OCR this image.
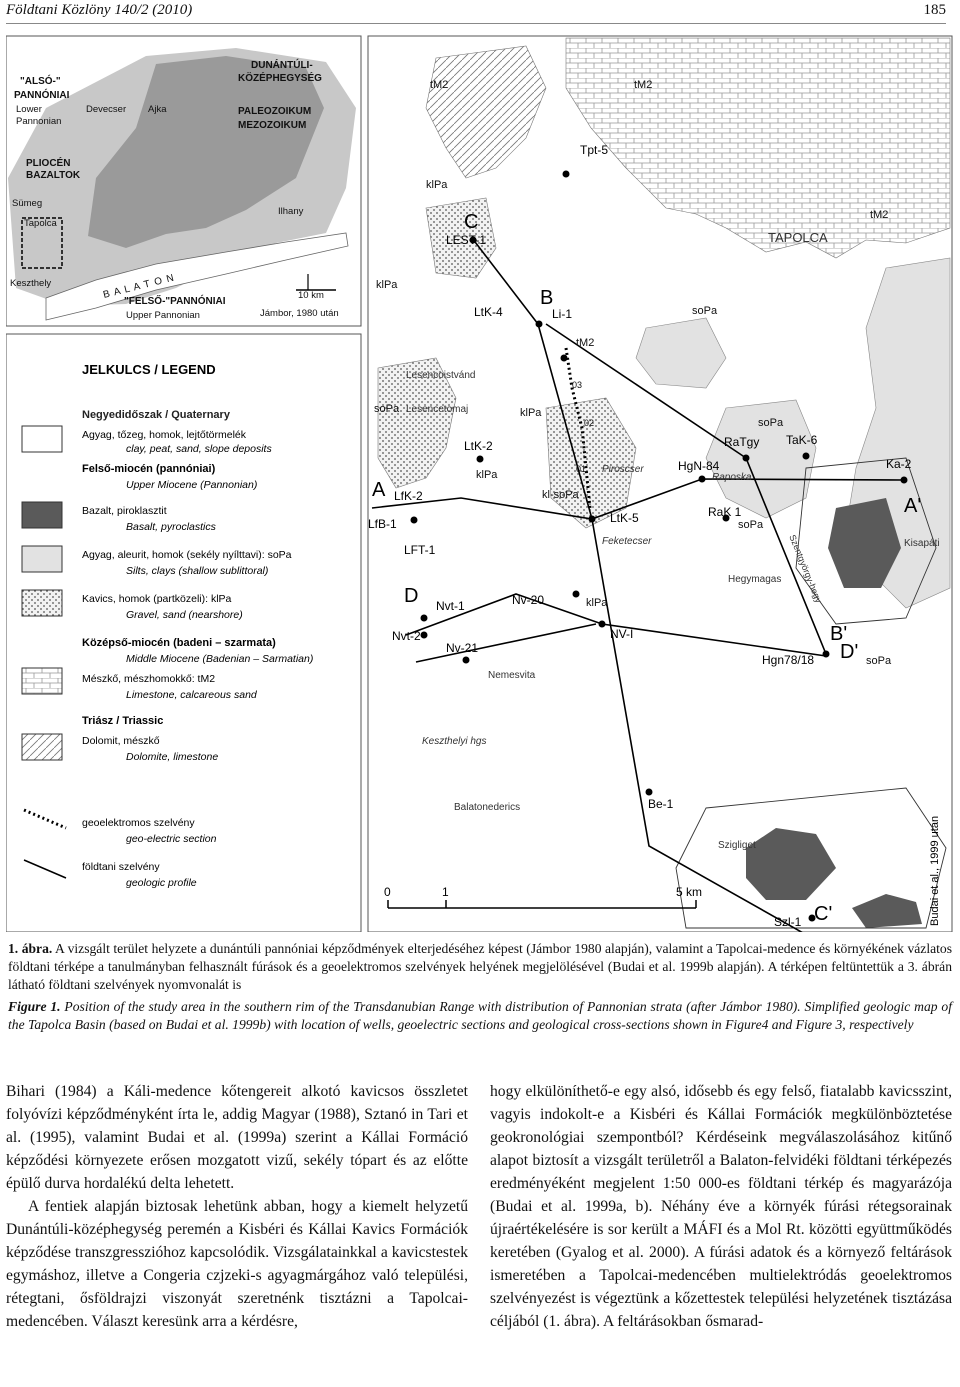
Földtani Közlöny 140/2 (2010)	185
"ALSÓ-"
PANNÓNIAI
DUNÁNTÚLI-
KÖZÉPHEGYSÉG
PALEOZOIKUM
MEZOZOIKUM
PLIOCÉN
BAZALTOK
"FELSŐ-"PANNÓNIAI
Lower
Pannonian
Devecser Ajka
Sümeg
Tapolca
Ilhany
Keszthely
Upper Pannonian
10 km
Jámbor, 1980 után
B A L A T O N
JELKULCS / LEGEND
Negyedidőszak / Quaternary
Agyag, tőzeg, homok, lejtőtörmelék
clay, peat, sand, slope deposits
Felső-miocén (pannóniai)
Upper Miocene (Pannonian)
Bazalt, piroklasztit
Basalt, pyroclastics
Agyag, aleurit, homok (sekély nyílttavi): soPa
Silts, clays (shallow sublittoral)
Kavics, homok (partközeli): klPa
Gravel, sand (nearshore)
Középső-miocén (badeni – szarmata)
Middle Miocene (Badenian – Sarmatian)
Mészkő, mészhomokkő: tM2
Limestone, calcareous sand
Triász / Triassic
Dolomit, mészkő
Dolomite, limestone
geoelektromos szelvény
geo-electric section
földtani szelvény
geologic profile
TAPOLCA
Lesencoistvánd
Lesencetomaj
Piroscser
Raposka
Kisapáti
Szentgyörgy-hegy
Hegymagas
Feketecser
Nemesvita
Keszthelyi hgs
Balatonederics
Szigliget
Tpt-5
LEST-1
LtK-4	Li-1
LtK-2
LfK-2
LfB-1
LFT-1
Nvt-1
Nvt-2
Nv-21
Nv-20
NV-I
LtK-5
HgN-84
RaTgy TaK-6
Ka-2
RaK 1
Hgn78/18
Be-1
Szl-1
A
A'
B
B'
C
C'
D
D'
tM2	tM2
tM2
tM2
klPa
klPa
klPa
klPa
klPa
soPa
soPa
soPa
soPa
soPa
kl-soPa
03
02
01
0	1	5 km	Budai et al., 1999 után

1. ábra. A vizsgált terület helyzete a dunántúli pannóniai képződmények elterjedéséhez képest (Jámbor 1980 alapján), valamint a Tapolcai-medence és környékének vázlatos földtani térképe a tanulmányban felhasznált fúrások és a geoelektromos szelvények helyének megjelölésével (Budai et al. 1999b alapján). A térképen feltüntettük a 3. ábrán látható földtani szelvények nyomvonalát is

Figure 1. Position of the study area in the southern rim of the Transdanubian Range with distribution of Pannonian strata (after Jámbor 1980). Simplified geologic map of the Tapolca Basin (based on Budai et al. 1999b) with location of wells, geoelectric sections and geological cross-sections shown in Figure4 and Figure 3, respectively

Bihari (1984) a Káli-medence kőtengereit alkotó kavicsos összletet folyóvízi képződményként írta le, addig Magyar (1988), Sztanó in Tari et al. (1995), valamint Budai et al. (1999a) szerint a Kállai Formáció képződési környezete erősen mozgatott vizű, sekély tópart és az előtte épülő durva hordalékú delta lehetett.

A fentiek alapján biztosak lehetünk abban, hogy a kiemelt helyzetű Dunántúli-középhegység peremén a Kisbéri és Kállai Kavics Formációk képződése transzgresszióhoz kapcsolódik. Vizsgálatainkkal a kavicstestek egymáshoz, illetve a Congeria czjzeki-s agyagmárgához való települési, rétegtani, ősföldrajzi viszonyát szeretnénk tisztázni a Tapolcai-medencében. Választ keresünk arra a kérdésre,

hogy elkülöníthető-e egy alsó, idősebb és egy felső, fiatalabb kavicsszint, vagyis indokolt-e a Kisbéri és Kállai Formációk megkülönböztetése geokronológiai szempontból? Kérdéseink megválaszolásához kitűnő alapot biztosít a vizsgált területről a Balaton-felvidéki földtani térképezés eredményéként megjelent 1:50 000-es földtani térkép és magyarázója (Budai et al. 1999a, b). Néhány éve a környék fúrási rétegsorainak újraértékelésére is sor került a MÁFI és a Mol Rt. közötti együttműködés keretében (Gyalog et al. 2000). A fúrási adatok és a környező feltárások ismeretében a Tapolcai-medencében multielektródás geoelektromos szelvényezést is végeztünk a kőzettestek települési helyzetének tisztázása céljából (1. ábra). A feltárásokban ősmarad-
